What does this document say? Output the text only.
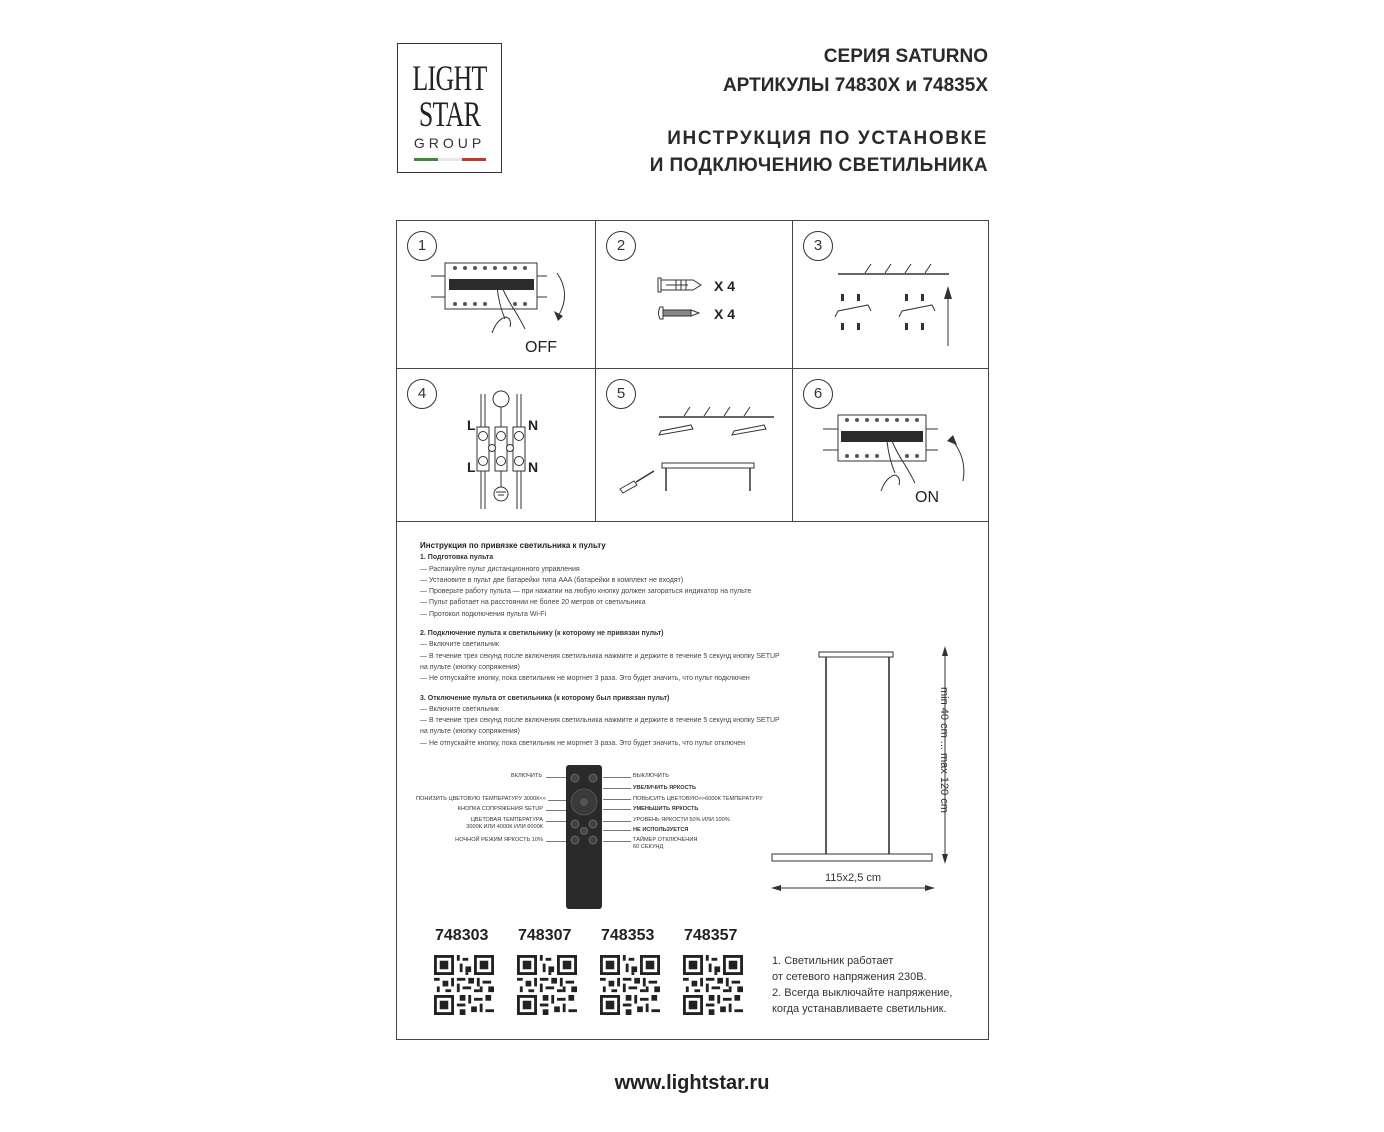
LIGHT
STAR
GROUP
СЕРИЯ SATURNO
АРТИКУЛЫ 74830X и 74835X
ИНСТРУКЦИЯ ПО УСТАНОВКЕ
И ПОДКЛЮЧЕНИЮ СВЕТИЛЬНИКА
1
OFF
2
X 4
X 4
3
4
L	N
L	N
5	6
ON
Инструкция по привязке светильника к пульту
1. Подготовка пульта
— Распакуйте пульт дистанционного управления
— Установите в пульт две батарейки типа AAA (батарейки в комплект не входят)
— Проверьте работу пульта — при нажатии на любую кнопку должен загораться индикатор на пульте
— Пульт работает на расстоянии не более 20 метров от светильника
— Протокол подключения пульта Wi-Fi
2. Подключение пульта к светильнику (к которому не привязан пульт)
— Включите светильник
— В течение трех секунд после включения светильника нажмите и держите в течение 5 секунд кнопку SETUP на пульте (кнопку сопряжения)
— Не отпускайте кнопку, пока светильник не моргнет 3 раза. Это будет значить, что пульт подключен
3. Отключение пульта от светильника (к которому был привязан пульт)
— Включите светильник
— В течение трех секунд после включения светильника нажмите и держите в течение 5 секунд кнопку SETUP на пульте (кнопку сопряжения)
— Не отпускайте кнопку, пока светильник не моргнет 3 раза. Это будет значить, что пульт отключен
ВКЛЮЧИТЬ
ПОНИЗИТЬ ЦВЕТОВУЮ ТЕМПЕРАТУРУ 3000К<<
КНОПКА СОПРЯЖЕНИЯ SETUP
ЦВЕТОВАЯ ТЕМПЕРАТУРА
3000К ИЛИ 4000К ИЛИ 6000К
НОЧНОЙ РЕЖИМ ЯРКОСТЬ 10%
ВЫКЛЮЧИТЬ
УВЕЛИЧИТЬ ЯРКОСТЬ
ПОВЫСИТЬ ЦВЕТОВУЮ>>6000К ТЕМПЕРАТУРУ
УМЕНЬШИТЬ ЯРКОСТЬ
УРОВЕНЬ ЯРКОСТИ 50% ИЛИ 100%
НЕ ИСПОЛЬЗУЕТСЯ
ТАЙМЕР ОТКЛЮЧЕНИЯ
60 СЕКУНД
min 40 cm ... max 120 cm
115x2,5 cm
748303 748307 748353 748357
1. Светильник работает
от сетевого напряжения 230В.
2. Всегда выключайте напряжение,
когда устанавливаете светильник.
www.lightstar.ru
